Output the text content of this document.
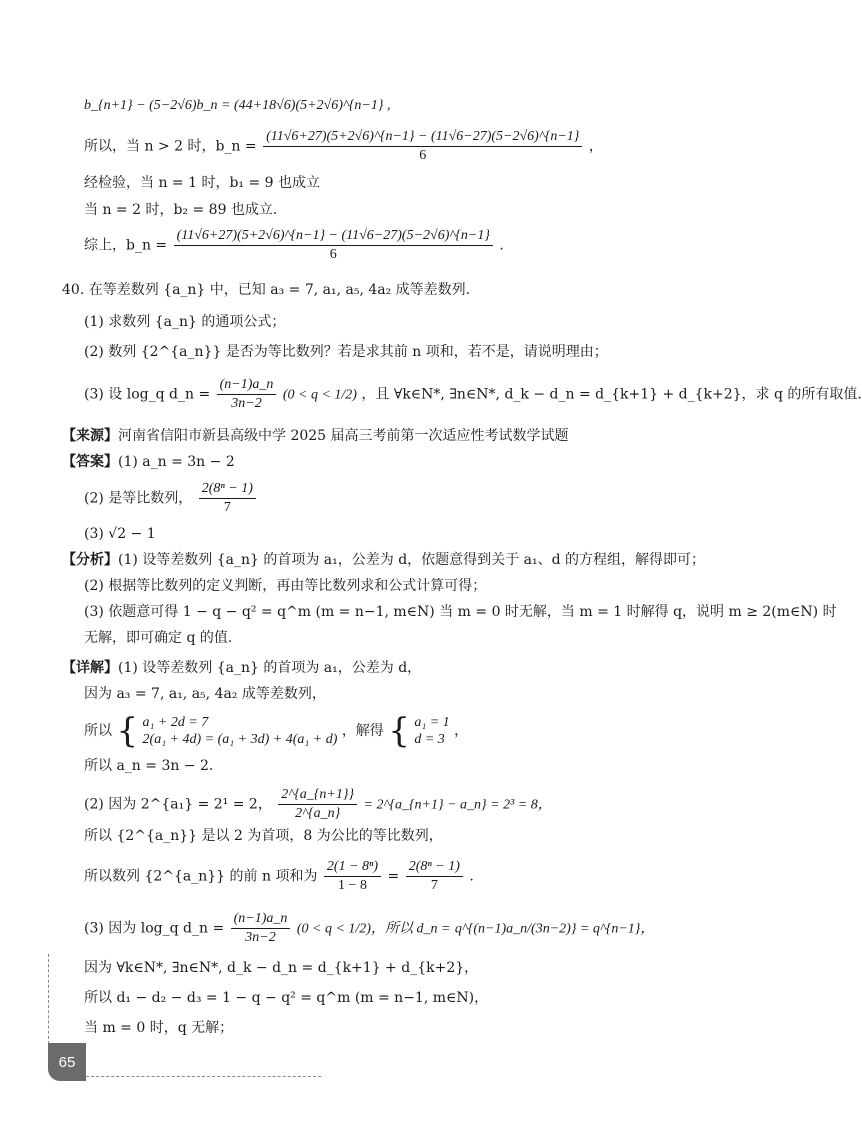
b_{n+1} − (5−2√6)b_n = (44+18√6)(5+2√6)^{n−1} ,
所以，当 n > 2 时，b_n = $\frac{(11√6+27)(5+2√6)\^{}\{n-1\} - (11√6-27)(5-2√6)\^{}\{n-1\}}{6}$ ，
经检验，当 n = 1 时，b₁ = 9 也成立
当 n = 2 时，b₂ = 89 也成立.
综上，b_n = $\frac{(11√6+27)(5+2√6)\^{}\{n-1\} - (11√6-27)(5-2√6)\^{}\{n-1\}}{6}$ .
40. 在等差数列 {a_n} 中，已知 a₃ = 7, a₁, a₅, 4a₂ 成等差数列.
(1) 求数列 {a_n} 的通项公式；
(2) 数列 {2^{a_n}} 是否为等比数列？若是求其前 n 项和，若不是，请说明理由；
(3) 设 log_q d_n = $\frac{(n-1)a\_n}{3n-2} (0 < q < 1/2)$ ，且 ∀k∈N*, ∃n∈N*, d_k − d_n = d_{k+1} + d_{k+2}，求 q 的所有取值.
【来源】河南省信阳市新县高级中学 2025 届高三考前第一次适应性考试数学试题
【答案】(1) a_n = 3n − 2
(2) 是等比数列， $\frac{\text{2(8ⁿ − 1)}}{7}$
(3) √2 − 1
【分析】(1) 设等差数列 {a_n} 的首项为 a₁，公差为 d，依题意得到关于 a₁、d 的方程组，解得即可；
(2) 根据等比数列的定义判断，再由等比数列求和公式计算可得；
(3) 依题意可得 1 − q − q² = q^m (m = n−1, m∈N) 当 m = 0 时无解，当 m = 1 时解得 q，说明 m ≥ 2(m∈N) 时
无解，即可确定 q 的值.
【详解】(1) 设等差数列 {a_n} 的首项为 a₁，公差为 d，
因为 a₃ = 7, a₁, a₅, 4a₂ 成等差数列，
所以 { a₁ + 2d = 7
2(a₁ + 4d) = (a₁ + 3d) + 4(a₁ + d)
，解得 { a₁ = 1
d = 3
，
所以 a_n = 3n − 2.
(2) 因为 2^{a₁} = 2¹ = 2， $\frac{2\^{}\{a\_\{n+1\}\}}{2\^{}\{a\_n\}}$ = 2^{a_{n+1} − a_n} = 2³ = 8，
所以 {2^{a_n}} 是以 2 为首项，8 为公比的等比数列，
所以数列 {2^{a_n}} 的前 n 项和为 $\frac{\text{2(1 − 8ⁿ)}}{1 - 8} = \frac{\text{2(8ⁿ − 1)}}{7}$ .
(3) 因为 log_q d_n = $\frac{(n-1)a\_n}{3n-2} (0 < q < 1/2)$，所以 d_n = q^{(n−1)a_n/(3n−2)} = q^{n−1}，
因为 ∀k∈N*, ∃n∈N*, d_k − d_n = d_{k+1} + d_{k+2}，
所以 d₁ − d₂ − d₃ = 1 − q − q² = q^m (m = n−1, m∈N)，
当 m = 0 时，q 无解；
65
